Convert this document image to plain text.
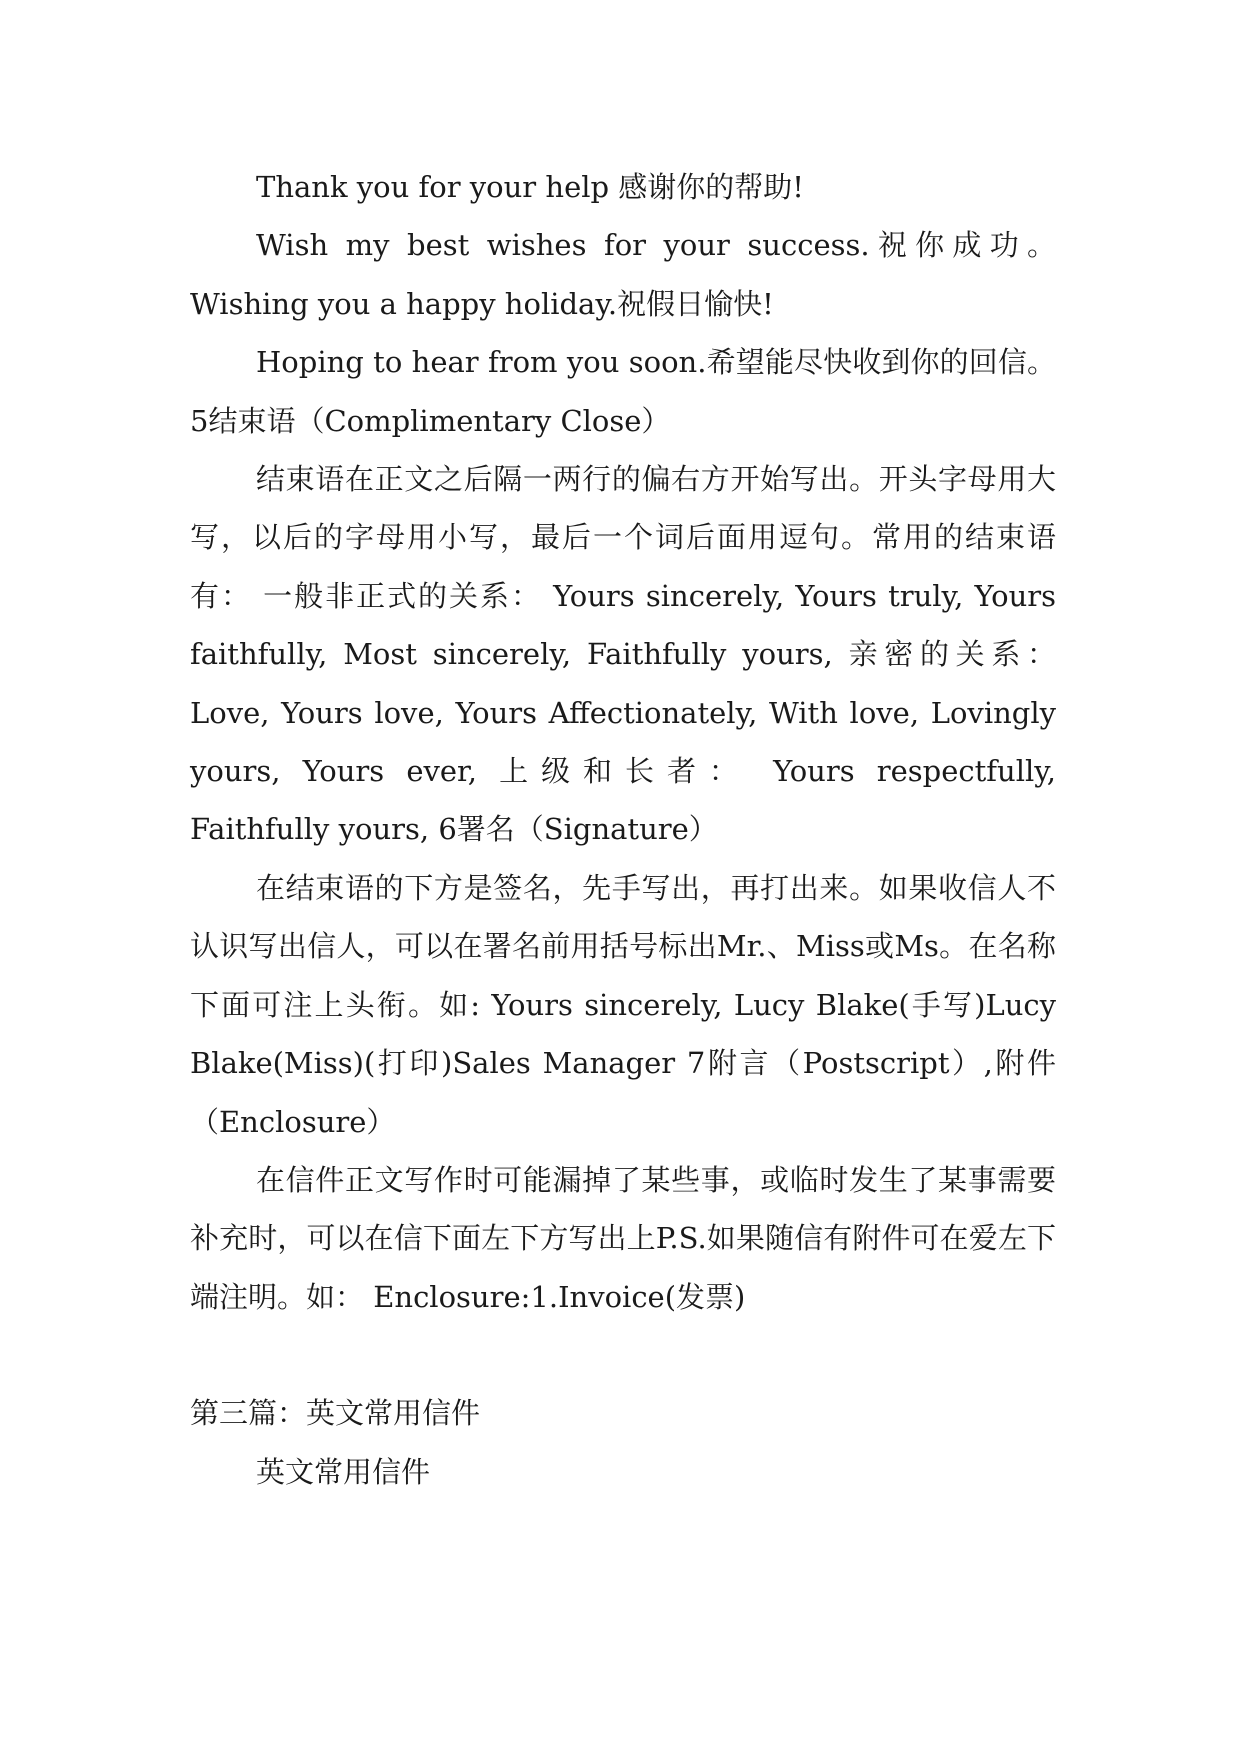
Thank you for your help 感谢你的帮助!

Wish my best wishes for your success.祝你成功。Wishing you a happy holiday.祝假日愉快!

Hoping to hear from you soon.希望能尽快收到你的回信。5结束语（Complimentary Close）

结束语在正文之后隔一两行的偏右方开始写出。开头字母用大写，以后的字母用小写，最后一个词后面用逗句。常用的结束语有： 一般非正式的关系： Yours sincerely, Yours truly, Yours faithfully, Most sincerely, Faithfully yours, 亲密的关系： Love, Yours love, Yours Affectionately, With love, Lovingly yours, Yours ever, 上级和长者： Yours respectfully, Faithfully yours, 6署名（Signature）

在结束语的下方是签名，先手写出，再打出来。如果收信人不认识写出信人，可以在署名前用括号标出Mr.、Miss或Ms。在名称下面可注上头衔。如: Yours sincerely, Lucy Blake(手写)Lucy Blake(Miss)(打印)Sales Manager 7附言（Postscript）,附件（Enclosure）

在信件正文写作时可能漏掉了某些事，或临时发生了某事需要补充时，可以在信下面左下方写出上P.S.如果随信有附件可在爱左下端注明。如： Enclosure:1.Invoice(发票)

第三篇：英文常用信件

英文常用信件
